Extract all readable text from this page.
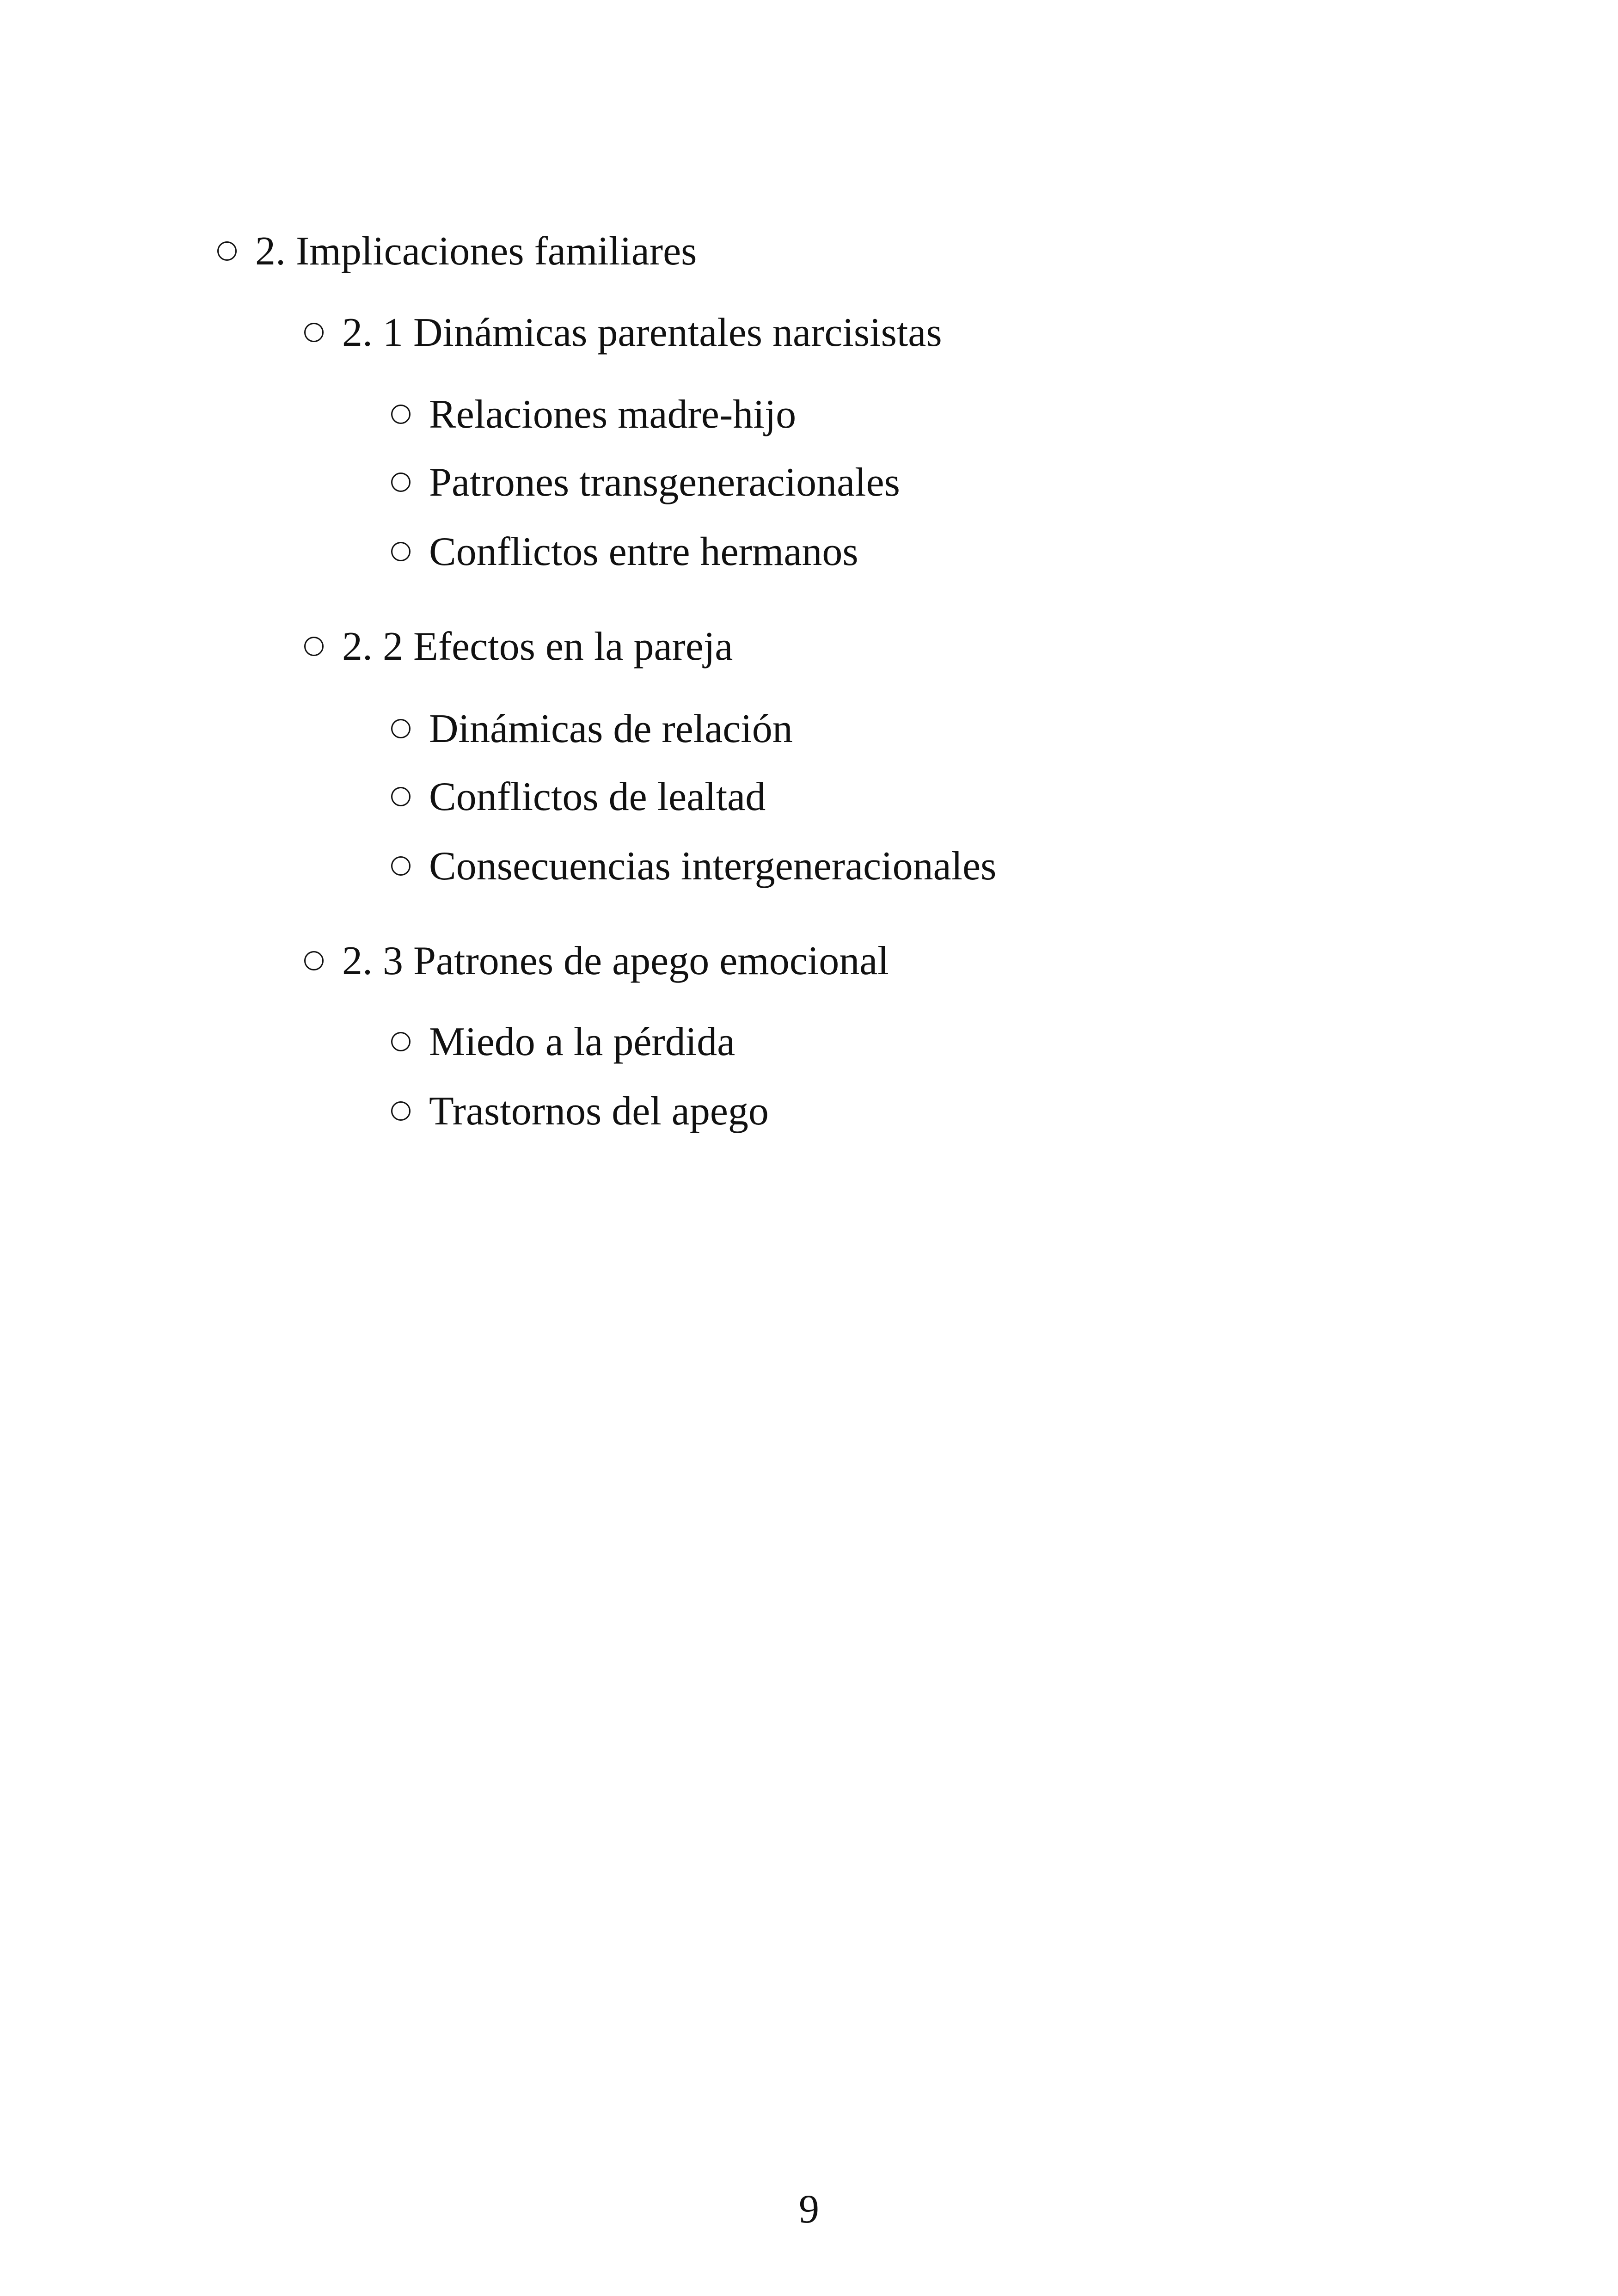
2. Implicaciones familiares
2. 1 Dinámicas parentales narcisistas
Relaciones madre-hijo
Patrones transgeneracionales
Conflictos entre hermanos
2. 2 Efectos en la pareja
Dinámicas de relación
Conflictos de lealtad
Consecuencias intergeneracionales
2. 3 Patrones de apego emocional
Miedo a la pérdida
Trastornos del apego
9
